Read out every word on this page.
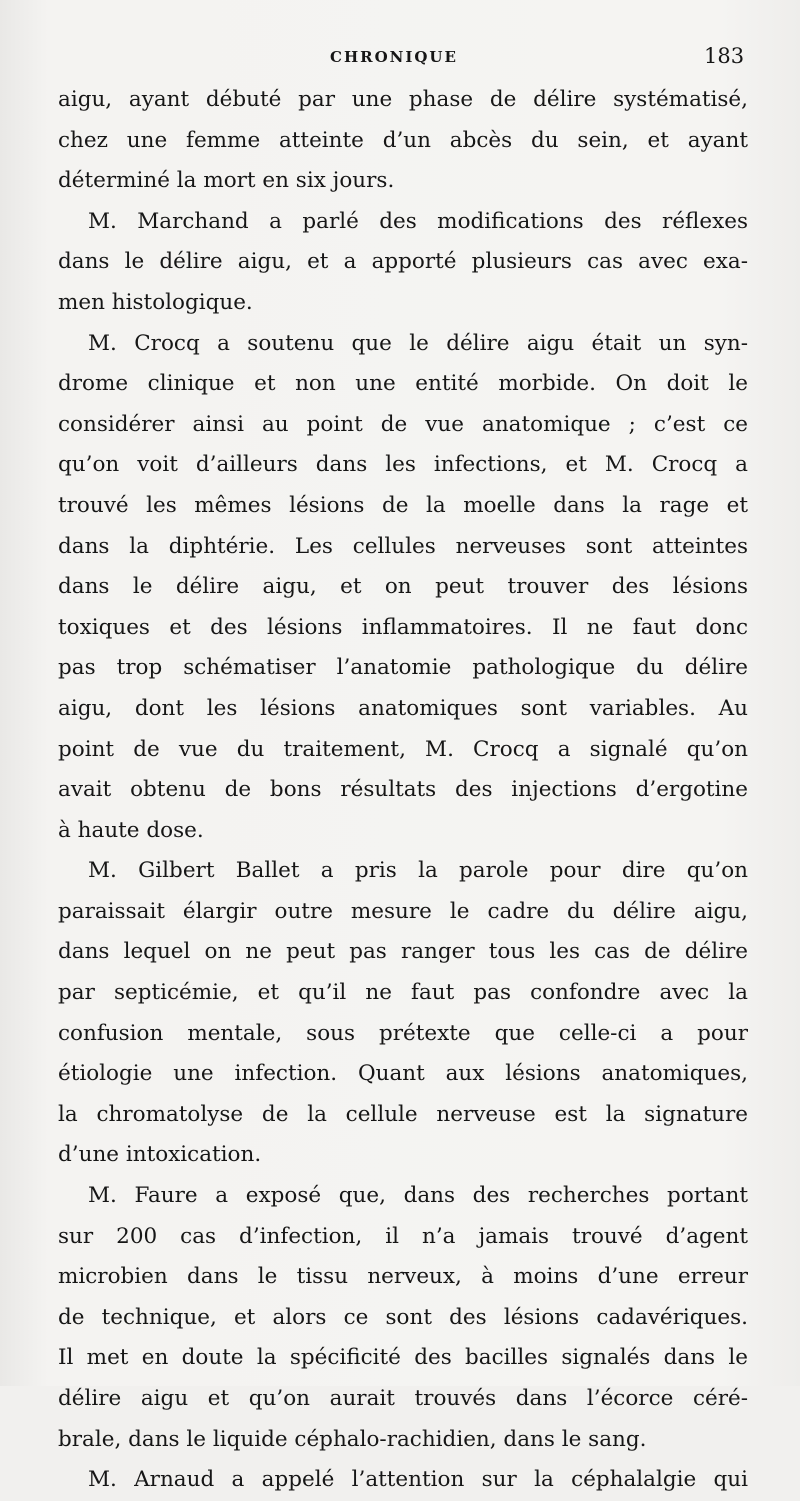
CHRONIQUE	183
aigu, ayant débuté par une phase de délire systématisé,
chez une femme atteinte d’un abcès du sein, et ayant
déterminé la mort en six jours.
M. Marchand a parlé des modifications des réflexes
dans le délire aigu, et a apporté plusieurs cas avec exa-
men histologique.
M. Crocq a soutenu que le délire aigu était un syn-
drome clinique et non une entité morbide. On doit le
considérer ainsi au point de vue anatomique ; c’est ce
qu’on voit d’ailleurs dans les infections, et M. Crocq a
trouvé les mêmes lésions de la moelle dans la rage et
dans la diphtérie. Les cellules nerveuses sont atteintes
dans le délire aigu, et on peut trouver des lésions
toxiques et des lésions inflammatoires. Il ne faut donc
pas trop schématiser l’anatomie pathologique du délire
aigu, dont les lésions anatomiques sont variables. Au
point de vue du traitement, M. Crocq a signalé qu’on
avait obtenu de bons résultats des injections d’ergotine
à haute dose.
M. Gilbert Ballet a pris la parole pour dire qu’on
paraissait élargir outre mesure le cadre du délire aigu,
dans lequel on ne peut pas ranger tous les cas de délire
par septicémie, et qu’il ne faut pas confondre avec la
confusion mentale, sous prétexte que celle-ci a pour
étiologie une infection. Quant aux lésions anatomiques,
la chromatolyse de la cellule nerveuse est la signature
d’une intoxication.
M. Faure a exposé que, dans des recherches portant
sur 200 cas d’infection, il n’a jamais trouvé d’agent
microbien dans le tissu nerveux, à moins d’une erreur
de technique, et alors ce sont des lésions cadavériques.
Il met en doute la spécificité des bacilles signalés dans le
délire aigu et qu’on aurait trouvés dans l’écorce céré-
brale, dans le liquide céphalo-rachidien, dans le sang.
M. Arnaud a appelé l’attention sur la céphalalgie qui
